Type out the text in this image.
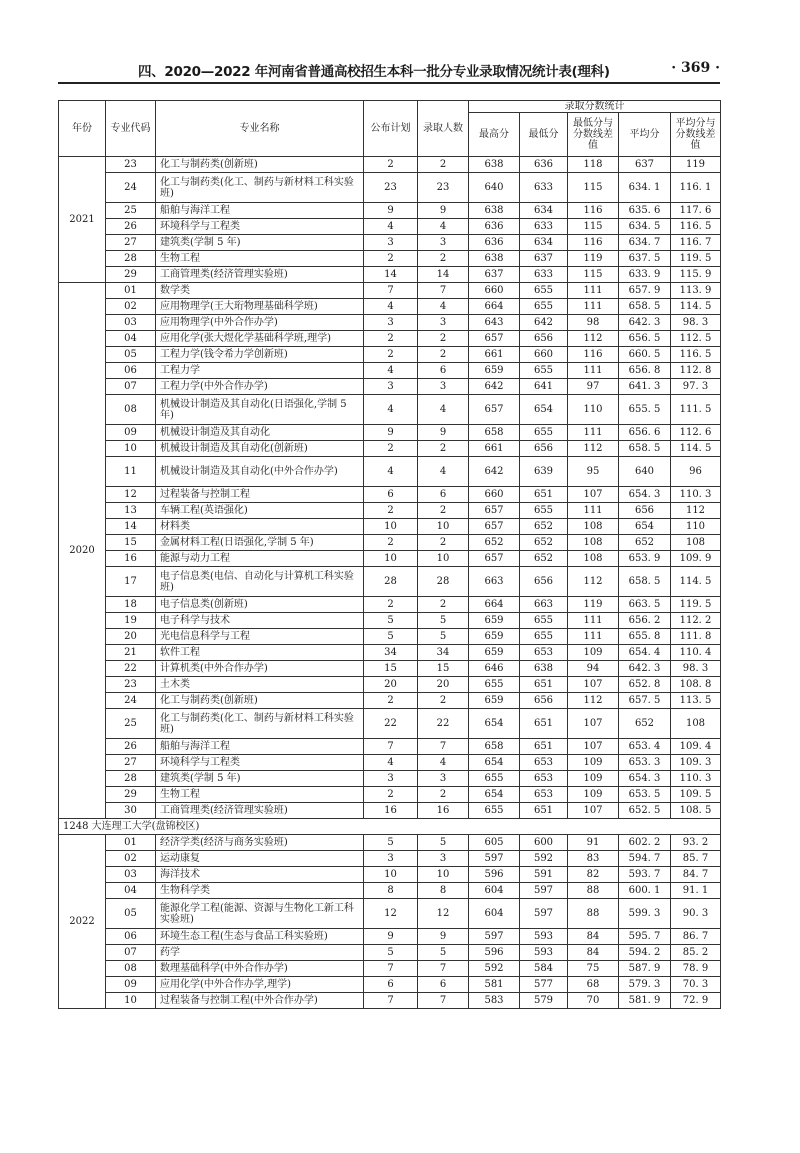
四、2020—2022 年河南省普通高校招生本科一批分专业录取情况统计表(理科)	· 369 ·
年份	专业代码	专业名称	公布计划	录取人数	录取分数统计				
					最高分	最低分	最低分与分数线差值	平均分	平均分与分数线差值
2021	23	化工与制药类(创新班)	2	2	638	636	118	637	119
	24	化工与制药类(化工、制药与新材料工科实验班)	23	23	640	633	115	634. 1	116. 1
	25	船舶与海洋工程	9	9	638	634	116	635. 6	117. 6
	26	环境科学与工程类	4	4	636	633	115	634. 5	116. 5
	27	建筑类(学制 5 年)	3	3	636	634	116	634. 7	116. 7
	28	生物工程	2	2	638	637	119	637. 5	119. 5
	29	工商管理类(经济管理实验班)	14	14	637	633	115	633. 9	115. 9
2020	01	数学类	7	7	660	655	111	657. 9	113. 9
	02	应用物理学(王大珩物理基础科学班)	4	4	664	655	111	658. 5	114. 5
	03	应用物理学(中外合作办学)	3	3	643	642	98	642. 3	98. 3
	04	应用化学(张大煜化学基础科学班,理学)	2	2	657	656	112	656. 5	112. 5
	05	工程力学(钱令希力学创新班)	2	2	661	660	116	660. 5	116. 5
	06	工程力学	4	6	659	655	111	656. 8	112. 8
	07	工程力学(中外合作办学)	3	3	642	641	97	641. 3	97. 3
	08	机械设计制造及其自动化(日语强化,学制 5 年)	4	4	657	654	110	655. 5	111. 5
	09	机械设计制造及其自动化	9	9	658	655	111	656. 6	112. 6
	10	机械设计制造及其自动化(创新班)	2	2	661	656	112	658. 5	114. 5
	11	机械设计制造及其自动化(中外合作办学)	4	4	642	639	95	640	96
	12	过程装备与控制工程	6	6	660	651	107	654. 3	110. 3
	13	车辆工程(英语强化)	2	2	657	655	111	656	112
	14	材料类	10	10	657	652	108	654	110
	15	金属材料工程(日语强化,学制 5 年)	2	2	652	652	108	652	108
	16	能源与动力工程	10	10	657	652	108	653. 9	109. 9
	17	电子信息类(电信、自动化与计算机工科实验班)	28	28	663	656	112	658. 5	114. 5
	18	电子信息类(创新班)	2	2	664	663	119	663. 5	119. 5
	19	电子科学与技术	5	5	659	655	111	656. 2	112. 2
	20	光电信息科学与工程	5	5	659	655	111	655. 8	111. 8
	21	软件工程	34	34	659	653	109	654. 4	110. 4
	22	计算机类(中外合作办学)	15	15	646	638	94	642. 3	98. 3
	23	土木类	20	20	655	651	107	652. 8	108. 8
	24	化工与制药类(创新班)	2	2	659	656	112	657. 5	113. 5
	25	化工与制药类(化工、制药与新材料工科实验班)	22	22	654	651	107	652	108
	26	船舶与海洋工程	7	7	658	651	107	653. 4	109. 4
	27	环境科学与工程类	4	4	654	653	109	653. 3	109. 3
	28	建筑类(学制 5 年)	3	3	655	653	109	654. 3	110. 3
	29	生物工程	2	2	654	653	109	653. 5	109. 5
	30	工商管理类(经济管理实验班)	16	16	655	651	107	652. 5	108. 5
1248 大连理工大学(盘锦校区)									
2022	01	经济学类(经济与商务实验班)	5	5	605	600	91	602. 2	93. 2
	02	运动康复	3	3	597	592	83	594. 7	85. 7
	03	海洋技术	10	10	596	591	82	593. 7	84. 7
	04	生物科学类	8	8	604	597	88	600. 1	91. 1
	05	能源化学工程(能源、资源与生物化工新工科实验班)	12	12	604	597	88	599. 3	90. 3
	06	环境生态工程(生态与食品工科实验班)	9	9	597	593	84	595. 7	86. 7
	07	药学	5	5	596	593	84	594. 2	85. 2
	08	数理基础科学(中外合作办学)	7	7	592	584	75	587. 9	78. 9
	09	应用化学(中外合作办学,理学)	6	6	581	577	68	579. 3	70. 3
	10	过程装备与控制工程(中外合作办学)	7	7	583	579	70	581. 9	72. 9
